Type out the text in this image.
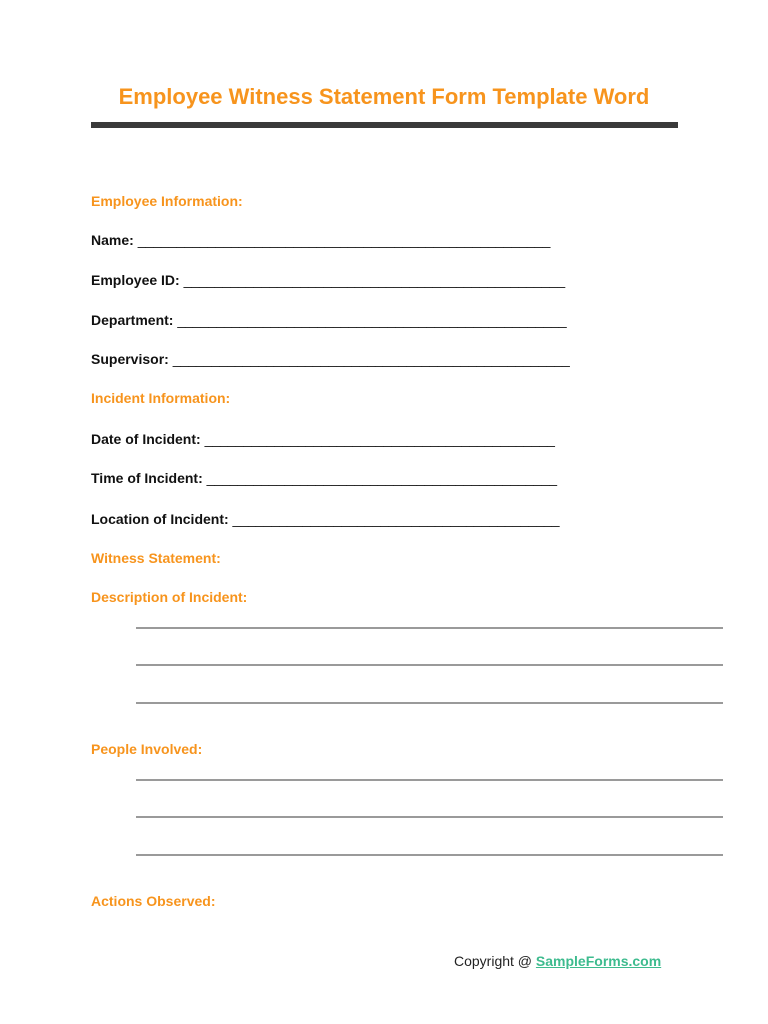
Employee Witness Statement Form Template Word
Employee Information:
Name: _____________________________________________________
Employee ID: _________________________________________________
Department: __________________________________________________
Supervisor: ___________________________________________________
Incident Information:
Date of Incident: _____________________________________________
Time of Incident: _____________________________________________
Location of Incident: __________________________________________
Witness Statement:
Description of Incident:
People Involved:
Actions Observed:
Copyright @ SampleForms.com
